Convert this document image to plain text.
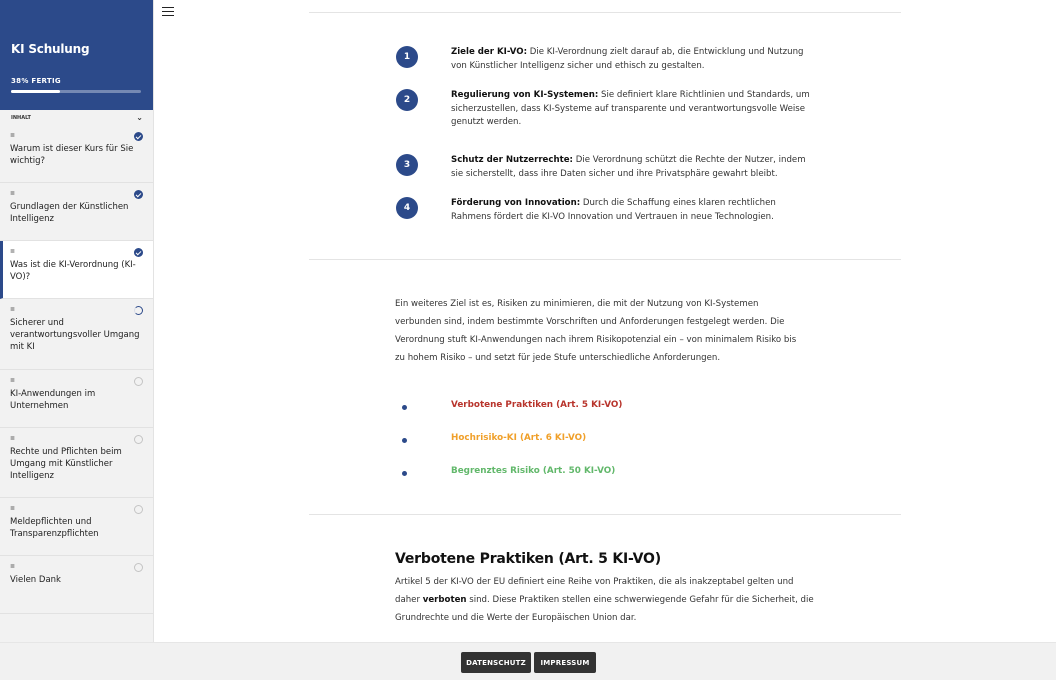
KI Schulung
38% FERTIG
INHALT	⌄
≣
Warum ist dieser Kurs für Sie wichtig?
≣
Grundlagen der Künstlichen Intelligenz
≣
Was ist die KI-Verordnung (KI-VO)?
≣
Sicherer und verantwortungsvoller Umgang mit KI
≣
KI-Anwendungen im Unternehmen
≣
Rechte und Pflichten beim Umgang mit Künstlicher Intelligenz
≣
Meldepflichten und Transparenzpflichten
≣
Vielen Dank
1	Ziele der KI-VO: Die KI-Verordnung zielt darauf ab, die Entwicklung und Nutzung von Künstlicher Intelligenz sicher und ethisch zu gestalten.
2	Regulierung von KI-Systemen: Sie definiert klare Richtlinien und Standards, um sicherzustellen, dass KI-Systeme auf transparente und verantwortungsvolle Weise genutzt werden.
3	Schutz der Nutzerrechte: Die Verordnung schützt die Rechte der Nutzer, indem sie sicherstellt, dass ihre Daten sicher und ihre Privatsphäre gewahrt bleibt.
4	Förderung von Innovation: Durch die Schaffung eines klaren rechtlichen Rahmens fördert die KI-VO Innovation und Vertrauen in neue Technologien.

Ein weiteres Ziel ist es, Risiken zu minimieren, die mit der Nutzung von KI-Systemen verbunden sind, indem bestimmte Vorschriften und Anforderungen festgelegt werden. Die Verordnung stuft KI-Anwendungen nach ihrem Risikopotenzial ein – von minimalem Risiko bis zu hohem Risiko – und setzt für jede Stufe unterschiedliche Anforderungen.

Verbotene Praktiken (Art. 5 KI-VO)
Hochrisiko-KI (Art. 6 KI-VO)
Begrenztes Risiko (Art. 50 KI-VO)
Verbotene Praktiken (Art. 5 KI-VO)

Artikel 5 der KI-VO der EU definiert eine Reihe von Praktiken, die als inakzeptabel gelten und daher verboten sind. Diese Praktiken stellen eine schwerwiegende Gefahr für die Sicherheit, die Grundrechte und die Werte der Europäischen Union dar.

DATENSCHUTZ	IMPRESSUM
